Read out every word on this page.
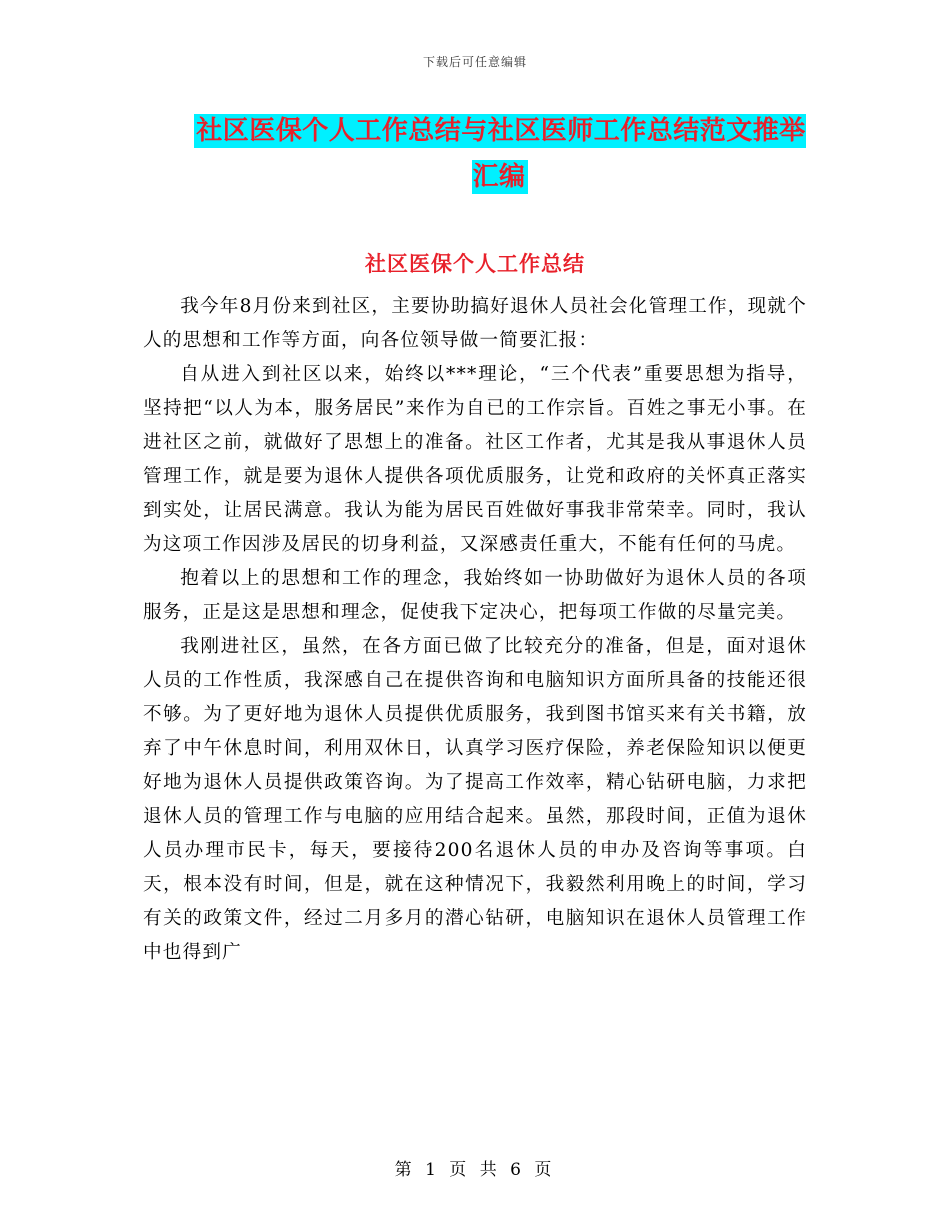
下载后可任意编辑
社区医保个人工作总结与社区医师工作总结范文推举汇编
社区医保个人工作总结

我今年8月份来到社区，主要协助搞好退休人员社会化管理工作，现就个人的思想和工作等方面，向各位领导做一简要汇报：

自从进入到社区以来，始终以***理论，“三个代表”重要思想为指导，坚持把“以人为本，服务居民”来作为自已的工作宗旨。百姓之事无小事。在进社区之前，就做好了思想上的准备。社区工作者，尤其是我从事退休人员管理工作，就是要为退休人提供各项优质服务，让党和政府的关怀真正落实到实处，让居民满意。我认为能为居民百姓做好事我非常荣幸。同时，我认为这项工作因涉及居民的切身利益，又深感责任重大，不能有任何的马虎。

抱着以上的思想和工作的理念，我始终如一协助做好为退休人员的各项服务，正是这是思想和理念，促使我下定决心，把每项工作做的尽量完美。

我刚进社区，虽然，在各方面已做了比较充分的准备，但是，面对退休人员的工作性质，我深感自己在提供咨询和电脑知识方面所具备的技能还很不够。为了更好地为退休人员提供优质服务，我到图书馆买来有关书籍，放弃了中午休息时间，利用双休日，认真学习医疗保险，养老保险知识以便更好地为退休人员提供政策咨询。为了提高工作效率，精心钻研电脑，力求把退休人员的管理工作与电脑的应用结合起来。虽然，那段时间，正值为退休人员办理市民卡，每天，要接待200名退休人员的申办及咨询等事项。白天，根本没有时间，但是，就在这种情况下，我毅然利用晚上的时间，学习有关的政策文件，经过二月多月的潜心钻研，电脑知识在退休人员管理工作中也得到广

第 1 页 共 6 页
